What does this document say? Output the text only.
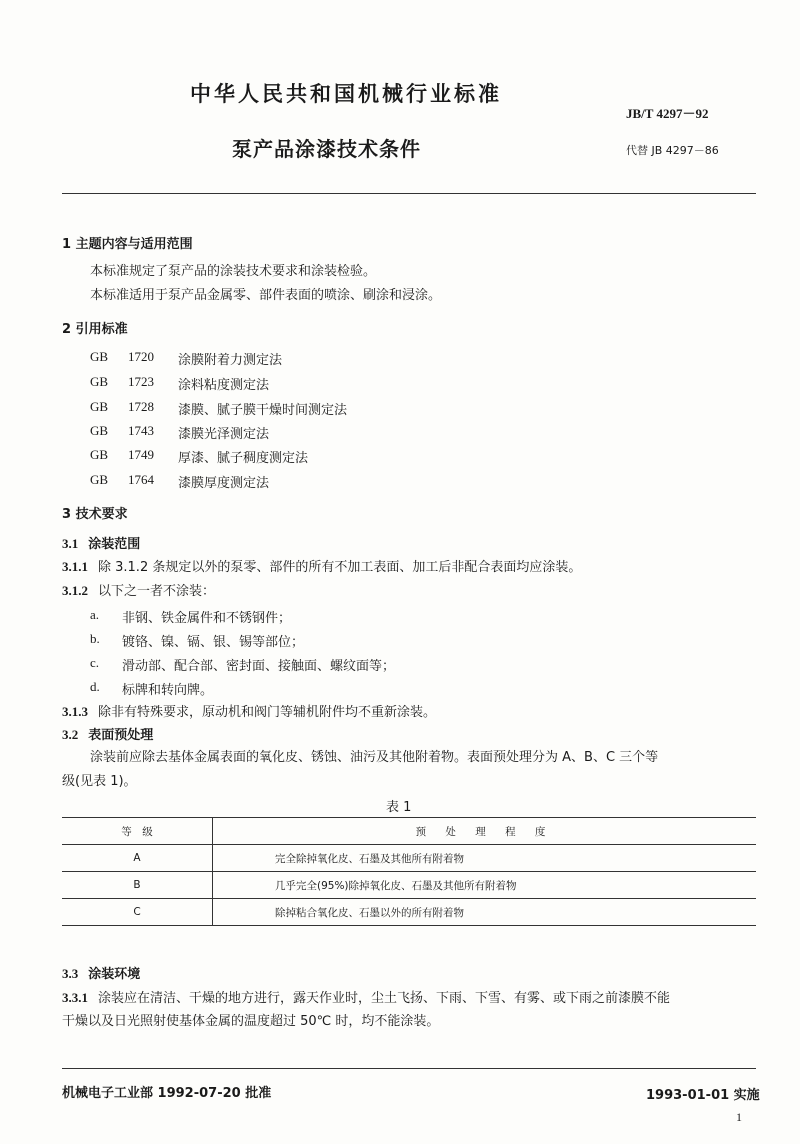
中华人民共和国机械行业标准
JB/T 4297－92
泵产品涂漆技术条件	代替 JB 4297－86
1 主题内容与适用范围
本标准规定了泵产品的涂装技术要求和涂装检验。
本标准适用于泵产品金属零、部件表面的喷涂、刷涂和浸涂。
2 引用标准
GB	1720	涂膜附着力测定法
GB	1723	涂料粘度测定法
GB	1728	漆膜、腻子膜干燥时间测定法
GB	1743	漆膜光泽测定法
GB	1749	厚漆、腻子稠度测定法
GB	1764	漆膜厚度测定法
3 技术要求
3.1 涂装范围
3.1.1 除 3.1.2 条规定以外的泵零、部件的所有不加工表面、加工后非配合表面均应涂装。
3.1.2 以下之一者不涂装：
a.	非钢、铁金属件和不锈钢件；
b.	镀铬、镍、镉、银、锡等部位；
c.	滑动部、配合部、密封面、接触面、螺纹面等；
d.	标牌和转向牌。
3.1.3 除非有特殊要求，原动机和阀门等辅机附件均不重新涂装。
3.2 表面预处理
涂装前应除去基体金属表面的氧化皮、锈蚀、油污及其他附着物。表面预处理分为 A、B、C 三个等
级(见表 1)。
表 1
等　级	预 处 理 程 度
A	完全除掉氧化皮、石墨及其他所有附着物
B	几乎完全(95%)除掉氧化皮、石墨及其他所有附着物
C	除掉粘合氧化皮、石墨以外的所有附着物
3.3 涂装环境
3.3.1 涂装应在清洁、干燥的地方进行，露天作业时，尘土飞扬、下雨、下雪、有雾、或下雨之前漆膜不能
干燥以及日光照射使基体金属的温度超过 50℃ 时，均不能涂装。
机械电子工业部 1992-07-20 批准	1993-01-01 实施
1
